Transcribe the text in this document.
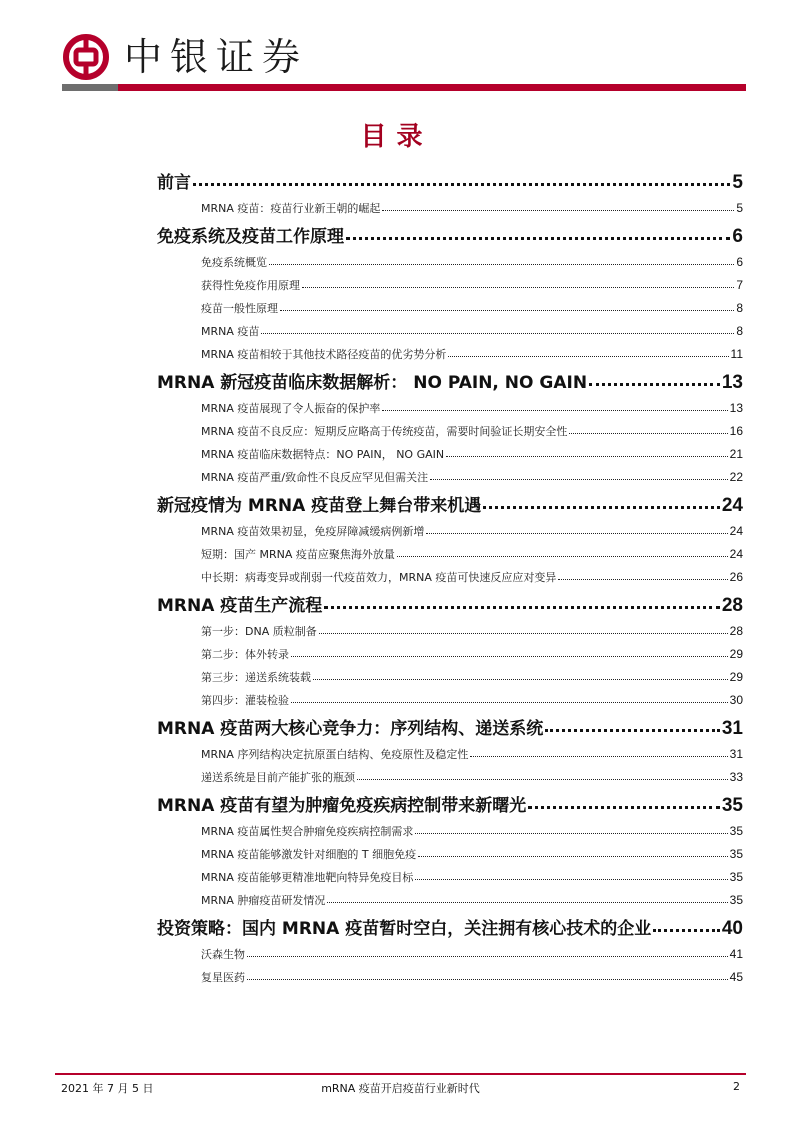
中银证券
目录
前言	5
MRNA 疫苗：疫苗行业新王朝的崛起	5
免疫系统及疫苗工作原理	6
免疫系统概览	6
获得性免疫作用原理	7
疫苗一般性原理	8
MRNA 疫苗	8
MRNA 疫苗相较于其他技术路径疫苗的优劣势分析	11
MRNA 新冠疫苗临床数据解析： NO PAIN, NO GAIN	13
MRNA 疫苗展现了令人振奋的保护率	13
MRNA 疫苗不良反应：短期反应略高于传统疫苗，需要时间验证长期安全性	16
MRNA 疫苗临床数据特点：NO PAIN， NO GAIN	21
MRNA 疫苗严重/致命性不良反应罕见但需关注	22
新冠疫情为 MRNA 疫苗登上舞台带来机遇	24
MRNA 疫苗效果初显，免疫屏障减缓病例新增	24
短期：国产 MRNA 疫苗应聚焦海外放量	24
中长期：病毒变异或削弱一代疫苗效力，MRNA 疫苗可快速反应应对变异	26
MRNA 疫苗生产流程	28
第一步：DNA 质粒制备	28
第二步：体外转录	29
第三步：递送系统装载	29
第四步：灌装检验	30
MRNA 疫苗两大核心竞争力：序列结构、递送系统	31
MRNA 序列结构决定抗原蛋白结构、免疫原性及稳定性	31
递送系统是目前产能扩张的瓶颈	33
MRNA 疫苗有望为肿瘤免疫疾病控制带来新曙光	35
MRNA 疫苗属性契合肿瘤免疫疾病控制需求	35
MRNA 疫苗能够激发针对细胞的 T 细胞免疫	35
MRNA 疫苗能够更精准地靶向特异免疫目标	35
MRNA 肿瘤疫苗研发情况	35
投资策略：国内 MRNA 疫苗暂时空白，关注拥有核心技术的企业	40
沃森生物	41
复星医药	45
2021 年 7 月 5 日	mRNA 疫苗开启疫苗行业新时代	2
